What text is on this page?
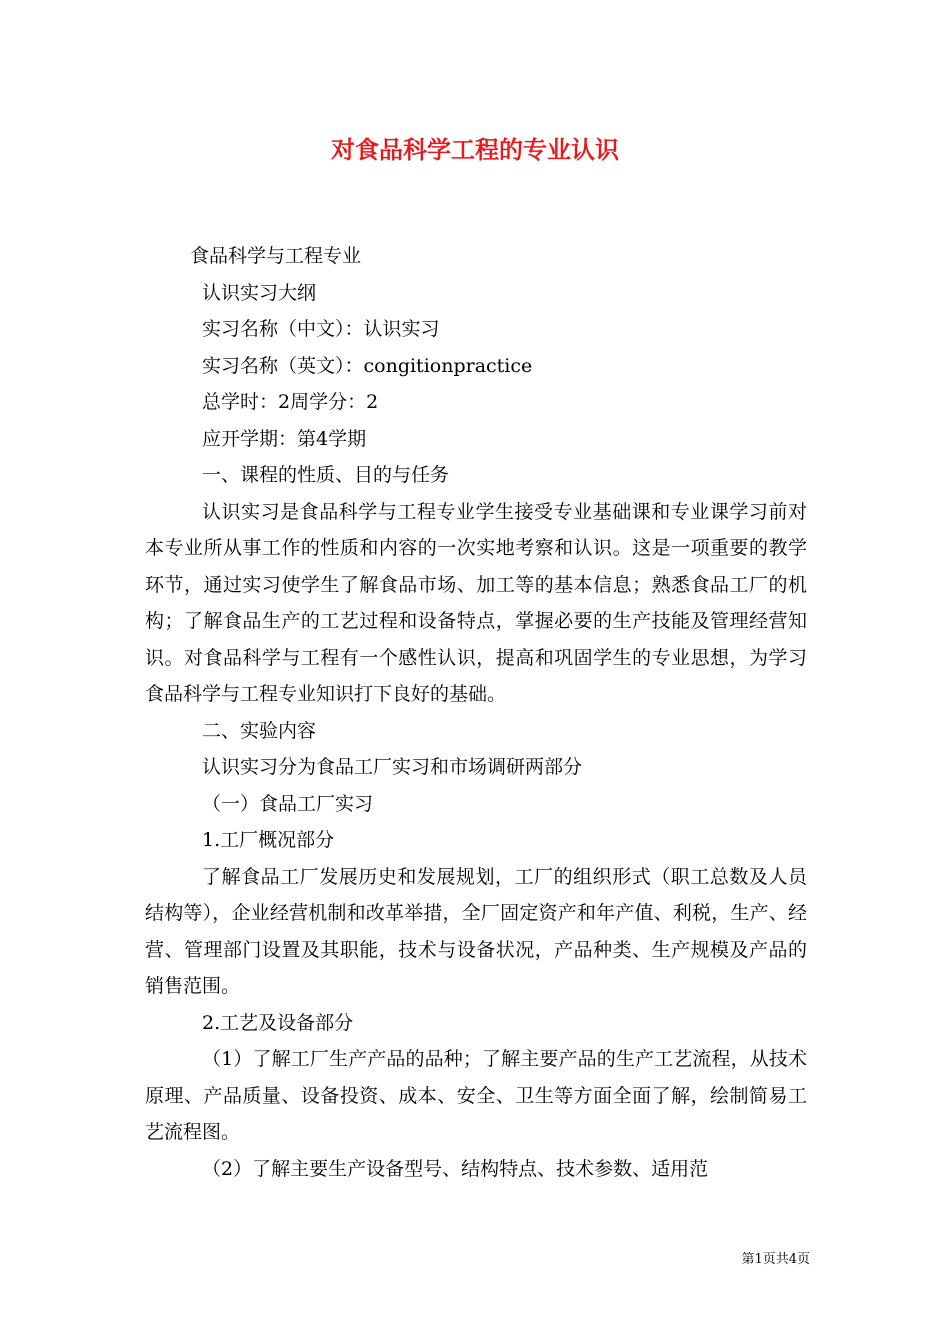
对食品科学工程的专业认识
食品科学与工程专业
认识实习大纲
实习名称（中文）：认识实习
实习名称（英文）：congitionpractice
总学时：2周学分：2
应开学期：第4学期
一、课程的性质、目的与任务
认识实习是食品科学与工程专业学生接受专业基础课和专业课学习前对本专业所从事工作的性质和内容的一次实地考察和认识。这是一项重要的教学环节，通过实习使学生了解食品市场、加工等的基本信息；熟悉食品工厂的机构；了解食品生产的工艺过程和设备特点，掌握必要的生产技能及管理经营知识。对食品科学与工程有一个感性认识，提高和巩固学生的专业思想，为学习食品科学与工程专业知识打下良好的基础。
二、实验内容
认识实习分为食品工厂实习和市场调研两部分
（一）食品工厂实习
1.工厂概况部分
了解食品工厂发展历史和发展规划，工厂的组织形式（职工总数及人员结构等），企业经营机制和改革举措，全厂固定资产和年产值、利税，生产、经营、管理部门设置及其职能，技术与设备状况，产品种类、生产规模及产品的销售范围。
2.工艺及设备部分
（1）了解工厂生产产品的品种；了解主要产品的生产工艺流程，从技术原理、产品质量、设备投资、成本、安全、卫生等方面全面了解，绘制简易工艺流程图。
（2）了解主要生产设备型号、结构特点、技术参数、适用范
第1页共4页
